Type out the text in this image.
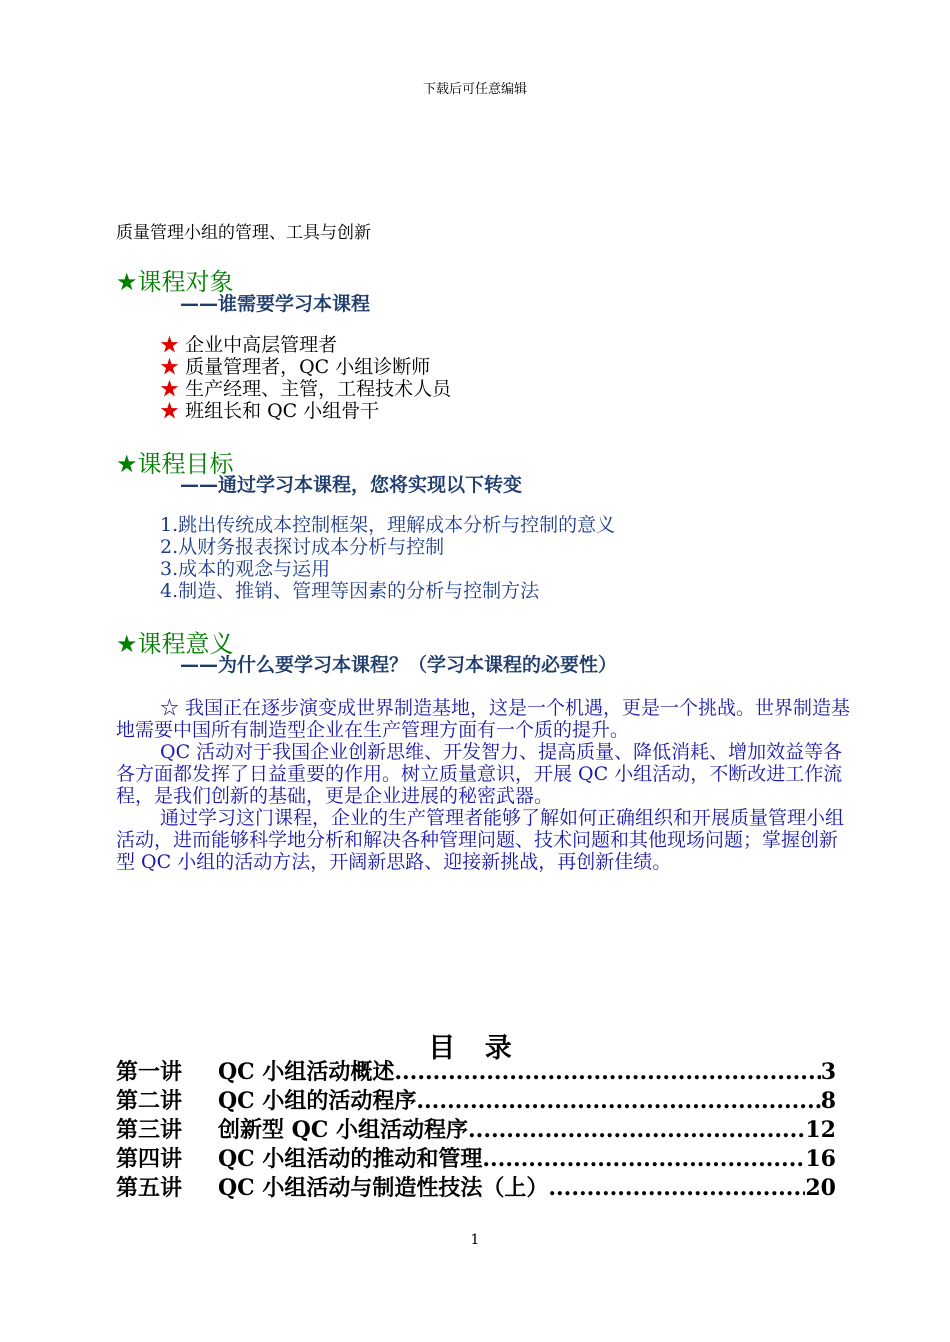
下载后可任意编辑
质量管理小组的管理、工具与创新
★课程对象
——谁需要学习本课程
★ 企业中高层管理者
★ 质量管理者，QC 小组诊断师
★ 生产经理、主管，工程技术人员
★ 班组长和 QC 小组骨干
★课程目标
——通过学习本课程，您将实现以下转变
1.跳出传统成本控制框架，理解成本分析与控制的意义
2.从财务报表探讨成本分析与控制
3.成本的观念与运用
4.制造、推销、管理等因素的分析与控制方法
★课程意义
——为什么要学习本课程？（学习本课程的必要性）

☆ 我国正在逐步演变成世界制造基地，这是一个机遇，更是一个挑战。世界制造基地需要中国所有制造型企业在生产管理方面有一个质的提升。

QC 活动对于我国企业创新思维、开发智力、提高质量、降低消耗、增加效益等各各方面都发挥了日益重要的作用。树立质量意识，开展 QC 小组活动，不断改进工作流程，是我们创新的基础，更是企业进展的秘密武器。

通过学习这门课程，企业的生产管理者能够了解如何正确组织和开展质量管理小组活动，进而能够科学地分析和解决各种管理问题、技术问题和其他现场问题；掌握创新型 QC 小组的活动方法，开阔新思路、迎接新挑战，再创新佳绩。

目 录
第一讲	QC 小组活动概述 .....	3
第二讲	QC 小组的活动程序 .....	8
第三讲	创新型 QC 小组活动程序 .....	12
第四讲	QC 小组活动的推动和管理 .....	16
第五讲	QC 小组活动与制造性技法（上） .....	20
1
